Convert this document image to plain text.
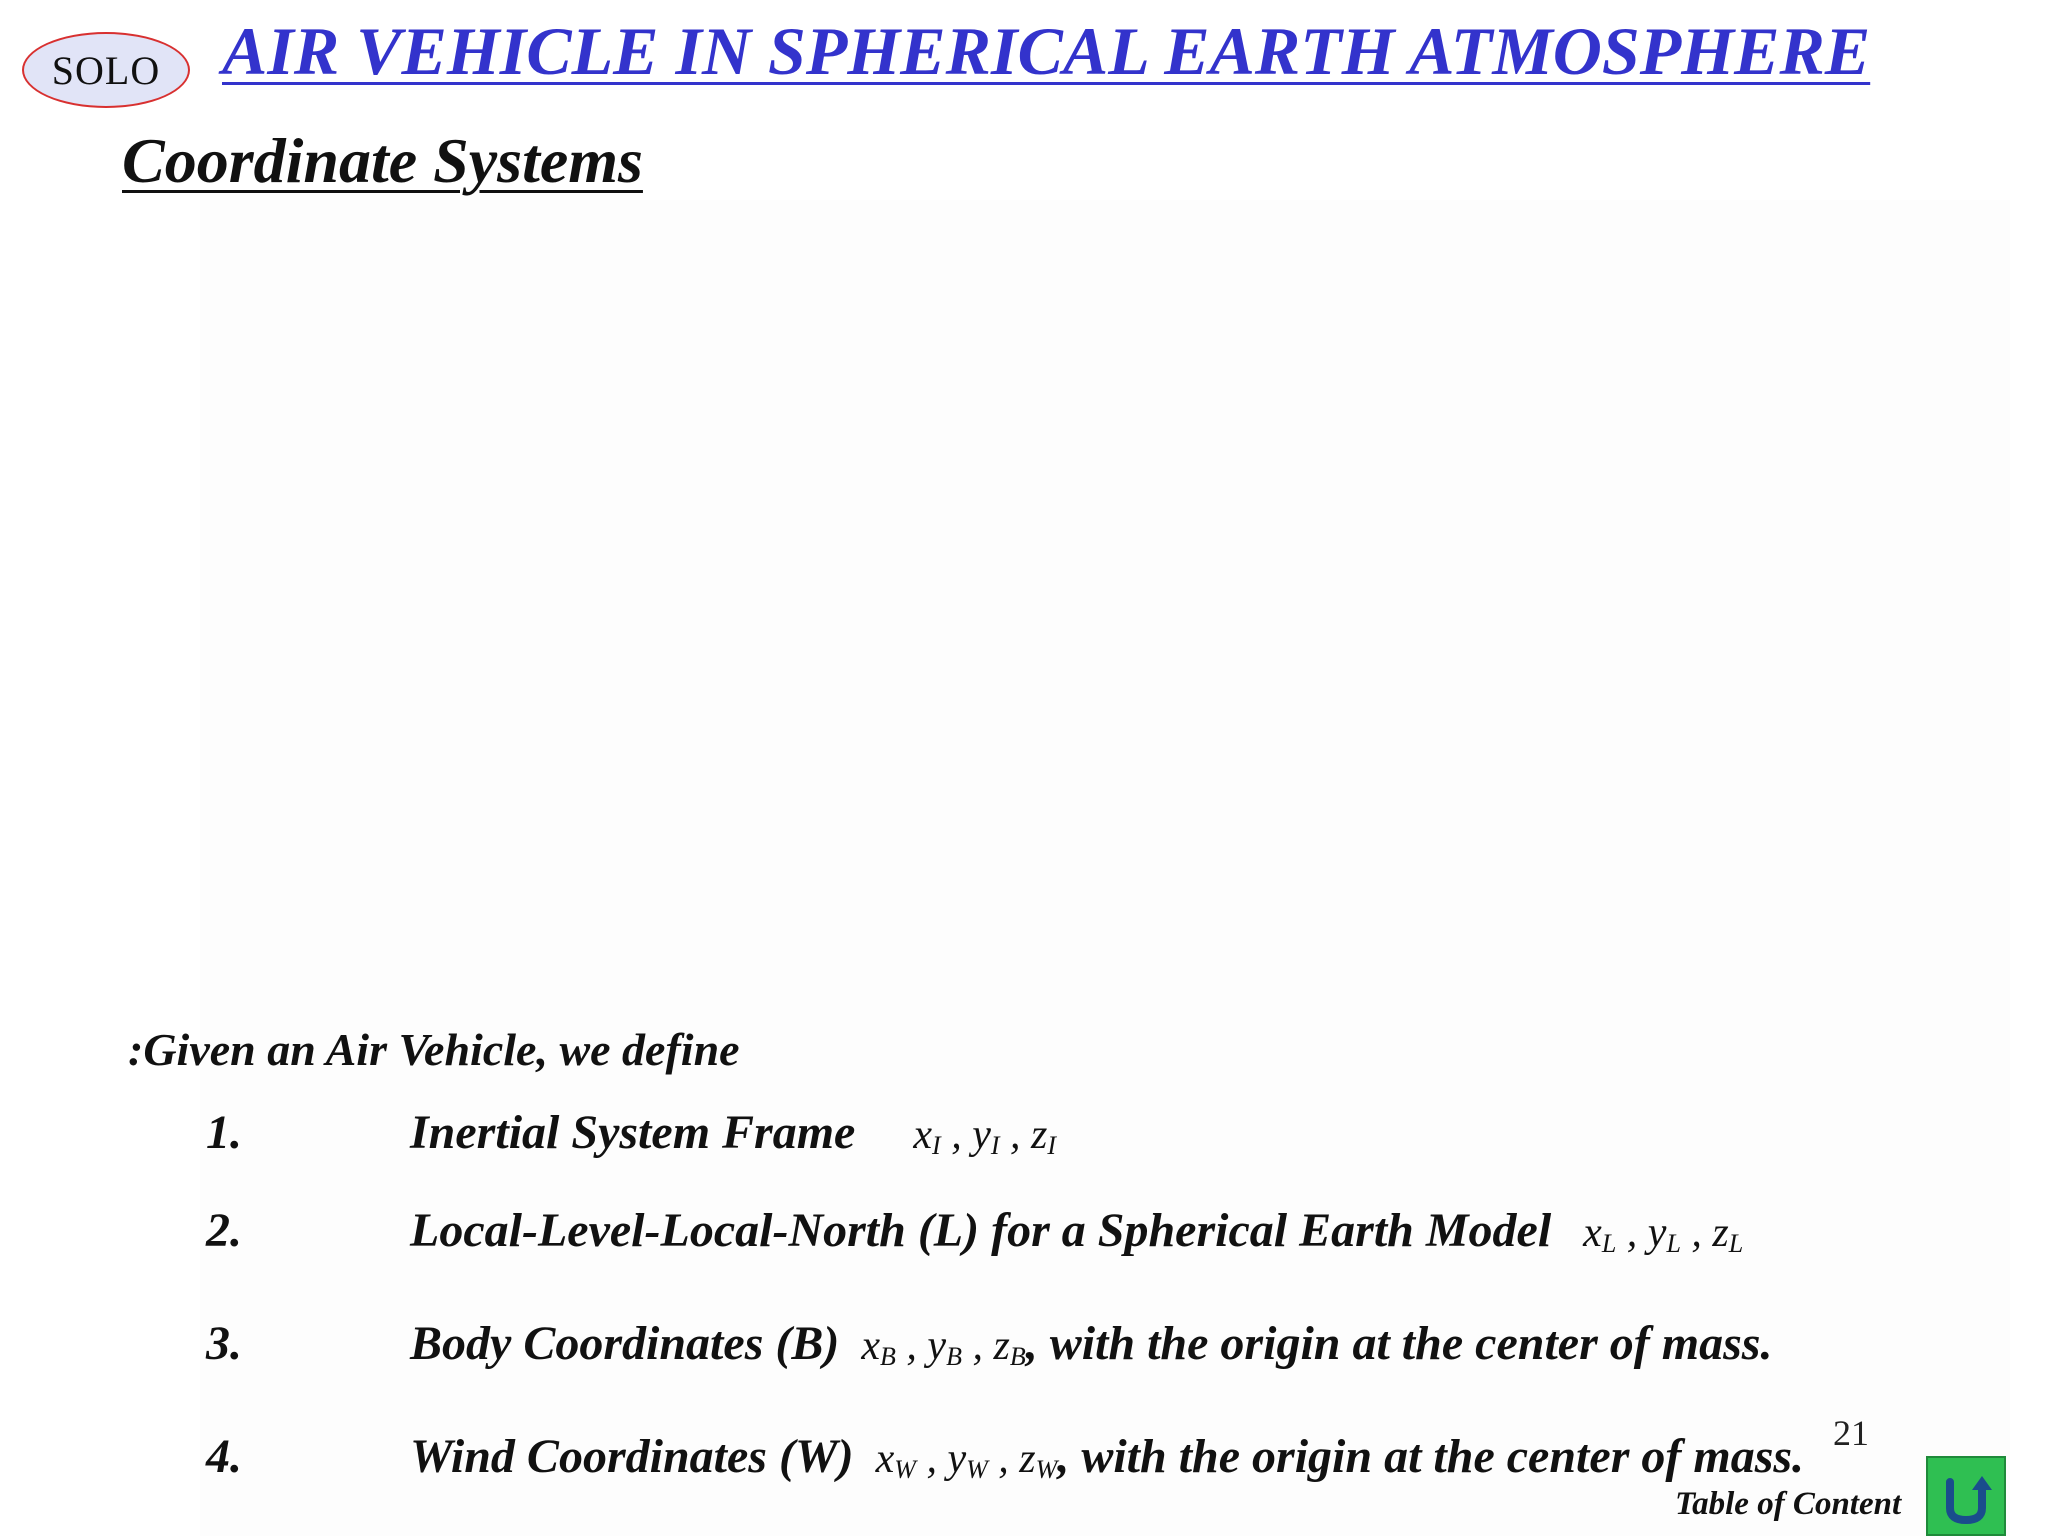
SOLO AIR VEHICLE IN SPHERICAL EARTH ATMOSPHERE
Coordinate Systems
:Given an Air Vehicle, we define
1.	Inertial System Frame $x_I$ , $y_I$ , $z_I$
2.	Local-Level-Local-North (L) for a Spherical Earth Model $x_L$ , $y_L$ , $z_L$
3.	Body Coordinates (B) $x_B$ , $y_B$ , $z_B$, with the origin at the center of mass.
4.	Wind Coordinates (W) $x_W$ , $y_W$ , $z_W$, with the origin at the center of mass. 21
Table of Content
